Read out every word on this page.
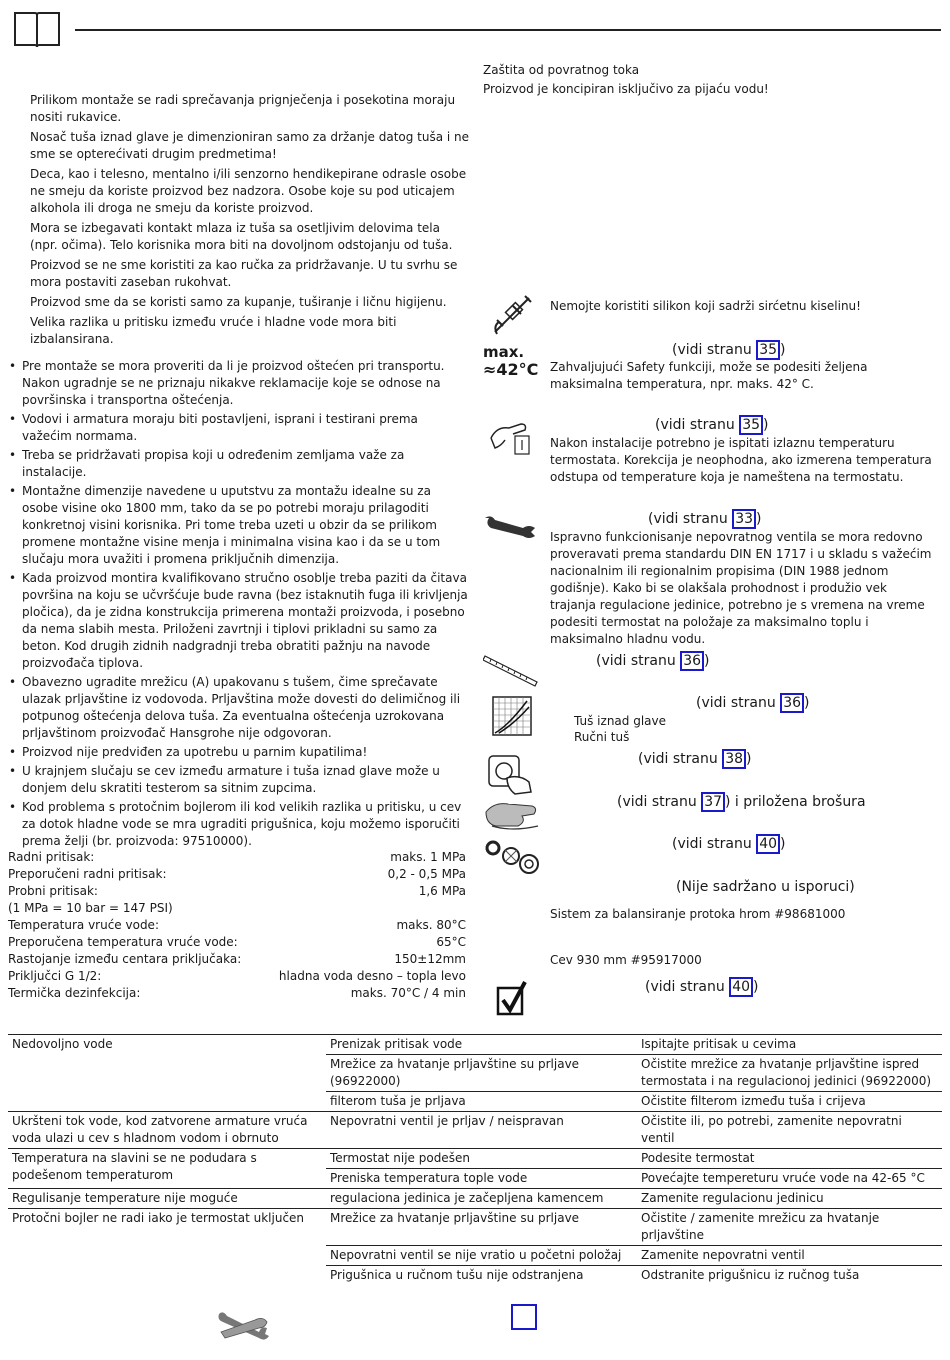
Prilikom montaže se radi sprečavanja prignječenja i posekotina moraju nositi rukavice.

Nosač tuša iznad glave je dimenzioniran samo za držanje datog tuša i ne sme se opterećivati drugim predmetima!

Deca, kao i telesno, mentalno i/ili senzorno hendikepirane odrasle osobe ne smeju da koriste proizvod bez nadzora. Osobe koje su pod uticajem alkohola ili droga ne smeju da koriste proizvod.

Mora se izbegavati kontakt mlaza iz tuša sa osetljivim delovima tela (npr. očima). Telo korisnika mora biti na dovoljnom odstojanju od tuša.

Proizvod se ne sme koristiti za kao ručka za pridržavanje. U tu svrhu se mora postaviti zaseban rukohvat.

Proizvod sme da se koristi samo za kupanje, tuširanje i ličnu higijenu.

Velika razlika u pritisku između vruće i hladne vode mora biti izbalansirana.

• Pre montaže se mora proveriti da li je proizvod oštećen pri transportu. Nakon ugradnje se ne priznaju nikakve reklamacije koje se odnose na površinska i transportna oštećenja.
• Vodovi i armatura moraju biti postavljeni, isprani i testirani prema važećim normama.
• Treba se pridržavati propisa koji u određenim zemljama važe za instalacije.
• Montažne dimenzije navedene u uputstvu za montažu idealne su za osobe visine oko 1800 mm, tako da se po potrebi moraju prilagoditi konkretnoj visini korisnika. Pri tome treba uzeti u obzir da se prilikom promene montažne visine menja i minimalna visina kao i da se u tom slučaju mora uvažiti i promena priključnih dimenzija.
• Kada proizvod montira kvalifikovano stručno osoblje treba paziti da čitava površina na koju se učvršćuje bude ravna (bez istaknutih fuga ili krivljenja pločica), da je zidna konstrukcija primerena montaži proizvoda, i posebno da nema slabih mesta. Priloženi zavrtnji i tiplovi prikladni su samo za beton. Kod drugih zidnih nadgradnji treba obratiti pažnju na navode proizvođača tiplova.
• Obavezno ugradite mrežicu (A) upakovanu s tušem, čime sprečavate ulazak prljavštine iz vodovoda. Prljavština može dovesti do delimičnog ili potpunog oštećenja delova tuša. Za eventualna oštećenja uzrokovana prljavštinom proizvođač Hansgrohe nije odgovoran.
• Proizvod nije predviđen za upotrebu u parnim kupatilima!
• U krajnjem slučaju se cev između armature i tuša iznad glave može u donjem delu skratiti testerom sa sitnim zupcima.
• Kod problema s protočnim bojlerom ili kod velikih razlika u pritisku, u cev za dotok hladne vode se mra ugraditi prigušnica, koju možemo isporučiti prema želji (br. proizvoda: 97510000).
Radni pritisak:	maks. 1 MPa
Preporučeni radni pritisak:	0,2 - 0,5 MPa
Probni pritisak:	1,6 MPa
(1 MPa = 10 bar = 147 PSI)
Temperatura vruće vode:	maks. 80°C
Preporučena temperatura vruće vode:	65°C
Rastojanje između centara priključaka:	150±12mm
Priključci G 1/2:	hladna voda desno – topla levo
Termička dezinfekcija:	maks. 70°C / 4 min
Zaštita od povratnog toka
Proizvod je koncipiran isključivo za pijaću vodu!
Nemojte koristiti silikon koji sadrži sirćetnu kiselinu!
max.
≈42°C
(vidi stranu 35 )
Zahvaljujući Safety funkciji, može se podesiti željena maksimalna temperatura, npr. maks. 42° C.
(vidi stranu 35 )
Nakon instalacije potrebno je ispitati izlaznu temperaturu termostata. Korekcija je neophodna, ako izmerena temperatura odstupa od temperature koja je nameštena na termostatu.
(vidi stranu 33 )
Ispravno funkcionisanje nepovratnog ventila se mora redovno proveravati prema standardu DIN EN 1717 i u skladu s važećim nacionalnim ili regionalnim propisima (DIN 1988 jednom godišnje). Kako bi se olakšala prohodnost i produžio vek trajanja regulacione jedinice, potrebno je s vremena na vreme podesiti termostat na položaje za maksimalno toplu i maksimalno hladnu vodu.
(vidi stranu 36 )
(vidi stranu 36 )
Tuš iznad glave
Ručni tuš
(vidi stranu 38 )
(vidi stranu 37 ) i priložena brošura
(vidi stranu 40 )
(Nije sadržano u isporuci)
Sistem za balansiranje protoka hrom #98681000
Cev 930 mm #95917000
(vidi stranu 40 )
Nedovoljno vode	Prenizak pritisak vode	Ispitajte pritisak u cevima
	Mrežice za hvatanje prljavštine su prljave (96922000)	Očistite mrežice za hvatanje prljavštine ispred termostata i na regulacionoj jedinici (96922000)
	filterom tuša je prljava	Očistite filterom između tuša i crijeva
Ukršteni tok vode, kod zatvorene armature vruća voda ulazi u cev s hladnom vodom i obrnuto	Nepovratni ventil je prljav / neispravan	Očistite ili, po potrebi, zamenite nepovratni ventil
Temperatura na slavini se ne podudara s podešenom temperaturom	Termostat nije podešen	Podesite termostat
	Preniska temperatura tople vode	Povećajte tempereturu vruće vode na 42-65 °C
Regulisanje temperature nije moguće	regulaciona jedinica je začepljena kamencem	Zamenite regulacionu jedinicu
Protočni bojler ne radi iako je termostat uključen	Mrežice za hvatanje prljavštine su prljave	Očistite / zamenite mrežicu za hvatanje prljavštine
	Nepovratni ventil se nije vratio u početni položaj	Zamenite nepovratni ventil
	Prigušnica u ručnom tušu nije odstranjena	Odstranite prigušnicu iz ručnog tuša
